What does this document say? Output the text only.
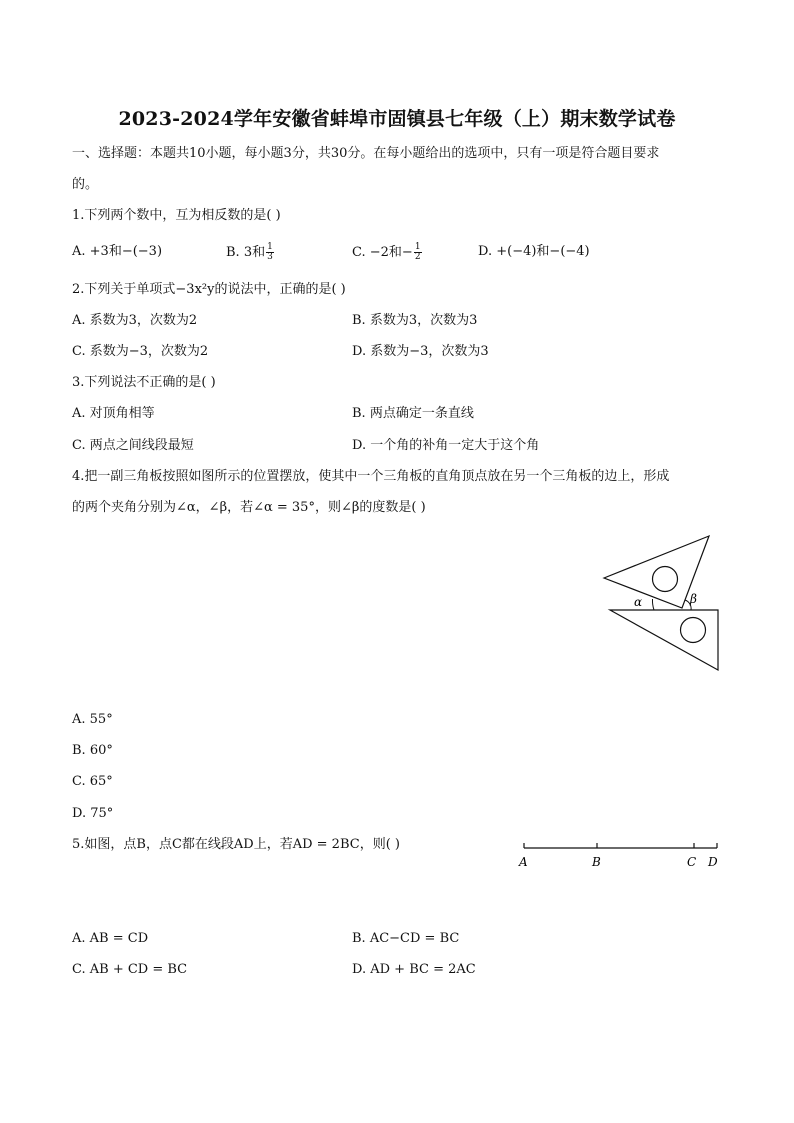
2023-2024学年安徽省蚌埠市固镇县七年级（上）期末数学试卷
一、选择题：本题共10小题，每小题3分，共30分。在每小题给出的选项中，只有一项是符合题目要求
的。
1.下列两个数中，互为相反数的是( )
A. +3和−(−3)	B. 3和 $\frac{1}{3}$	C. −2和− $\frac{1}{2}$	D. +(−4)和−(−4)
2.下列关于单项式−3x²y的说法中，正确的是( )
A. 系数为3，次数为2	B. 系数为3，次数为3
C. 系数为−3，次数为2	D. 系数为−3，次数为3
3.下列说法不正确的是( )
A. 对顶角相等	B. 两点确定一条直线
C. 两点之间线段最短	D. 一个角的补角一定大于这个角
4.把一副三角板按照如图所示的位置摆放，使其中一个三角板的直角顶点放在另一个三角板的边上，形成
的两个夹角分别为∠α，∠β，若∠α = 35°，则∠β的度数是( )
α	β
A. 55°
B. 60°
C. 65°
D. 75°
5.如图，点B，点C都在线段AD上，若AD = 2BC，则( )
A	B	C D
A. AB = CD	B. AC−CD = BC
C. AB + CD = BC	D. AD + BC = 2AC
